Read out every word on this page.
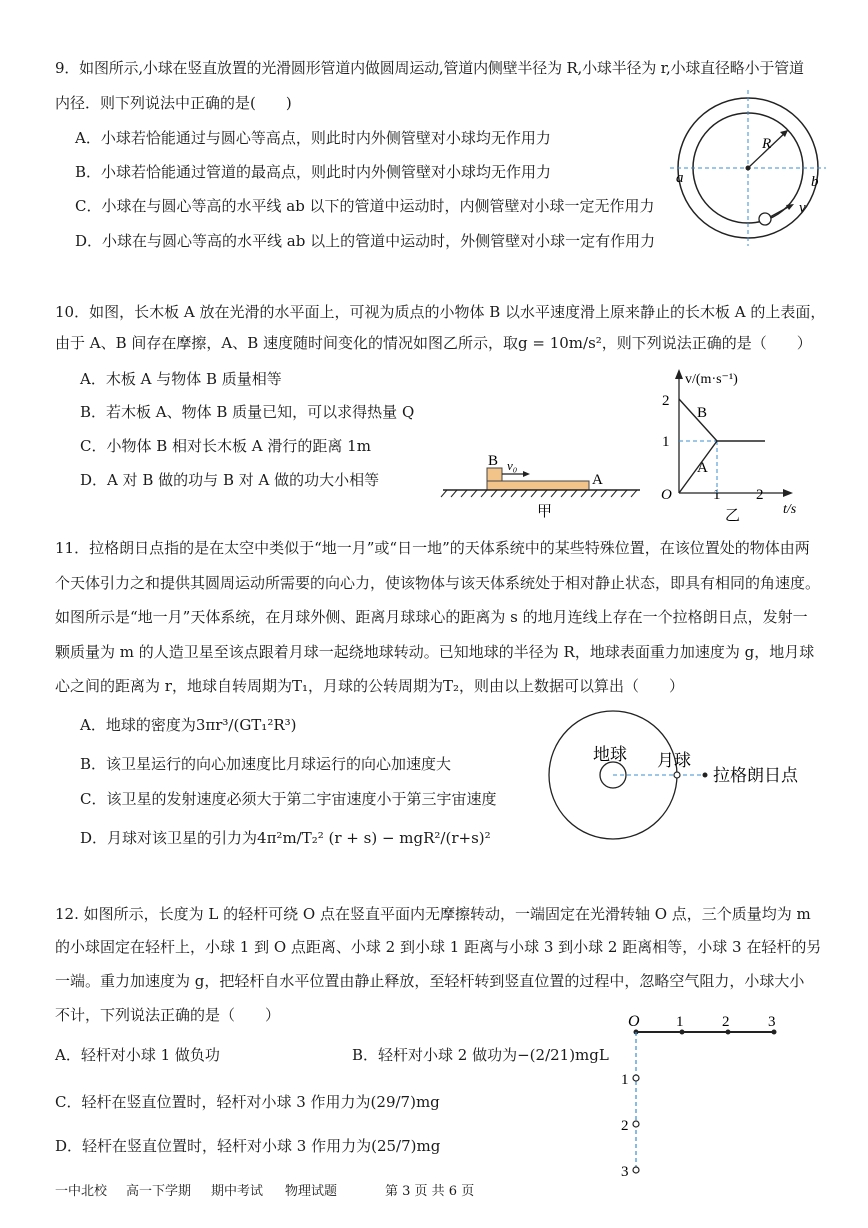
9．如图所示,小球在竖直放置的光滑圆形管道内做圆周运动,管道内侧壁半径为 R,小球半径为 r,小球直径略小于管道
内径．则下列说法中正确的是(　　)
A．小球若恰能通过与圆心等高点，则此时内外侧管壁对小球均无作用力
B．小球若恰能通过管道的最高点，则此时内外侧管壁对小球均无作用力
C．小球在与圆心等高的水平线 ab 以下的管道中运动时，内侧管壁对小球一定无作用力
D．小球在与圆心等高的水平线 ab 以上的管道中运动时，外侧管壁对小球一定有作用力
R
a	b
v
10．如图，长木板 A 放在光滑的水平面上，可视为质点的小物体 B 以水平速度滑上原来静止的长木板 A 的上表面，
由于 A、B 间存在摩擦，A、B 速度随时间变化的情况如图乙所示，取g = 10m/s²，则下列说法正确的是（　　）
A．木板 A 与物体 B 质量相等
B．若木板 A、物体 B 质量已知，可以求得热量 Q
C．小物体 B 相对长木板 A 滑行的距离 1m
D．A 对 B 做的功与 B 对 A 做的功大小相等
B
A
v₀
甲
v/(m·s⁻¹)
t/s
O
2
1
1 2
B
A
乙
11．拉格朗日点指的是在太空中类似于“地一月”或“日一地”的天体系统中的某些特殊位置，在该位置处的物体由两
个天体引力之和提供其圆周运动所需要的向心力，使该物体与该天体系统处于相对静止状态，即具有相同的角速度。
如图所示是“地一月”天体系统，在月球外侧、距离月球球心的距离为 s 的地月连线上存在一个拉格朗日点，发射一
颗质量为 m 的人造卫星至该点跟着月球一起绕地球转动。已知地球的半径为 R，地球表面重力加速度为 g，地月球
心之间的距离为 r，地球自转周期为T₁，月球的公转周期为T₂，则由以上数据可以算出（　　）
A．地球的密度为3πr³/(GT₁²R³)
B．该卫星运行的向心加速度比月球运行的向心加速度大
C．该卫星的发射速度必须大于第二宇宙速度小于第三宇宙速度
D．月球对该卫星的引力为4π²m/T₂² (r + s) − mgR²/(r+s)²
地球 月球
拉格朗日点
12. 如图所示，长度为 L 的轻杆可绕 O 点在竖直平面内无摩擦转动，一端固定在光滑转轴 O 点，三个质量均为 m
的小球固定在轻杆上，小球 1 到 O 点距离、小球 2 到小球 1 距离与小球 3 到小球 2 距离相等，小球 3 在轻杆的另
一端。重力加速度为 g，把轻杆自水平位置由静止释放，至轻杆转到竖直位置的过程中，忽略空气阻力，小球大小
不计，下列说法正确的是（　　）
A．轻杆对小球 1 做负功	B．轻杆对小球 2 做功为−(2/21)mgL
C．轻杆在竖直位置时，轻杆对小球 3 作用力为(29/7)mg
D．轻杆在竖直位置时，轻杆对小球 3 作用力为(25/7)mg
O 1	2	3
1
2
3
一中北校 高一下学期 期中考试 物理试题	第 3 页 共 6 页
